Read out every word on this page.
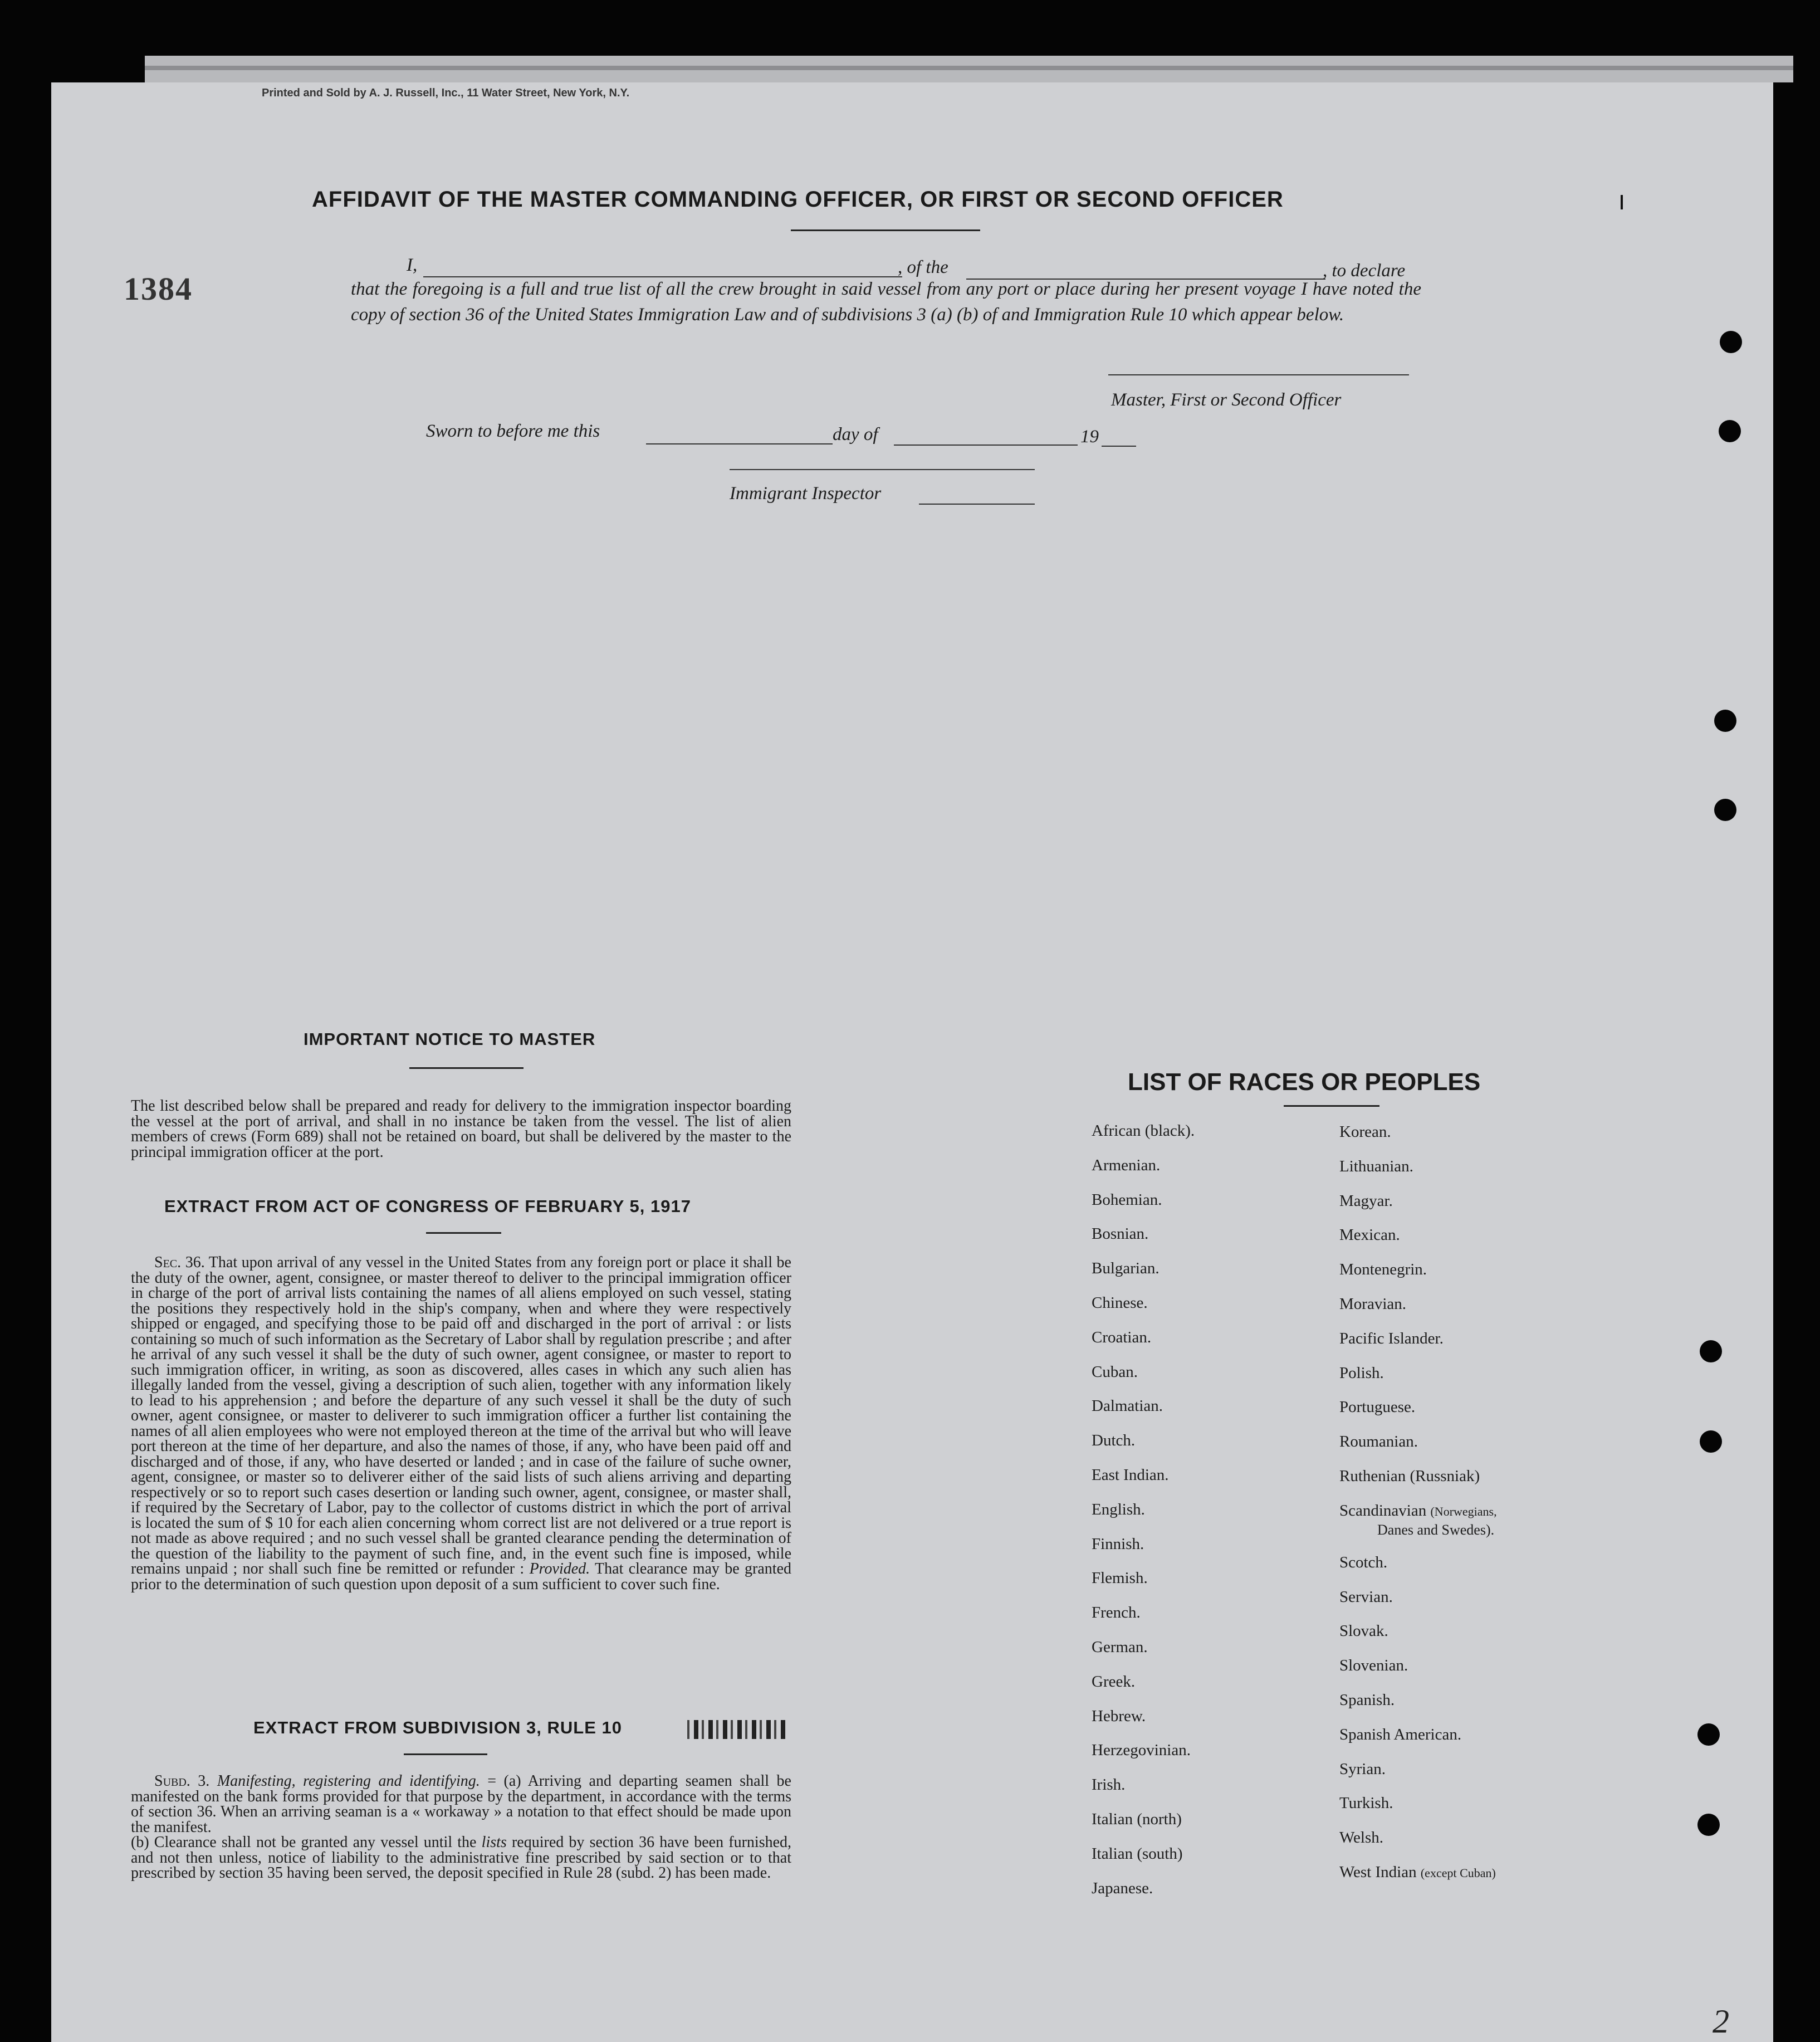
Printed and Sold by A. J. Russell, Inc., 11 Water Street, New York, N.Y.
1384
AFFIDAVIT OF THE MASTER COMMANDING OFFICER, OR FIRST OR SECOND OFFICER
I,	, of the	, to declare
that the foregoing is a full and true list of all the crew brought in said vessel from any port or place during her present voyage I have noted the copy of section 36 of the United States Immigration Law and of subdivisions 3 (a) (b) of and Immigration Rule 10 which appear below.
Master, First or Second Officer
Sworn to before me this	day of	19
Immigrant Inspector
IMPORTANT NOTICE TO MASTER
The list described below shall be prepared and ready for delivery to the immigration inspector boarding the vessel at the port of arrival, and shall in no instance be taken from the vessel. The list of alien members of crews (Form 689) shall not be retained on board, but shall be delivered by the master to the principal immigration officer at the port.
EXTRACT FROM ACT OF CONGRESS OF FEBRUARY 5, 1917
Sec. 36. That upon arrival of any vessel in the United States from any foreign port or place it shall be the duty of the owner, agent, consignee, or master thereof to deliver to the principal immigration officer in charge of the port of arrival lists containing the names of all aliens employed on such vessel, stating the positions they respectively hold in the ship's company, when and where they were respectively shipped or engaged, and specifying those to be paid off and discharged in the port of arrival : or lists containing so much of such information as the Secretary of Labor shall by regulation prescribe ; and after he arrival of any such vessel it shall be the duty of such owner, agent consignee, or master to report to such immigration officer, in writing, as soon as discovered, alles cases in which any such alien has illegally landed from the vessel, giving a description of such alien, together with any information likely to lead to his apprehension ; and before the departure of any such vessel it shall be the duty of such owner, agent consignee, or master to deliverer to such immigration officer a further list containing the names of all alien employees who were not employed thereon at the time of the arrival but who will leave port thereon at the time of her departure, and also the names of those, if any, who have been paid off and discharged and of those, if any, who have deserted or landed ; and in case of the failure of suche owner, agent, consignee, or master so to deliverer either of the said lists of such aliens arriving and departing respectively or so to report such cases desertion or landing such owner, agent, consignee, or master shall, if required by the Secretary of Labor, pay to the collector of customs district in which the port of arrival is located the sum of $ 10 for each alien concerning whom correct list are not delivered or a true report is not made as above required ; and no such vessel shall be granted clearance pending the determination of the question of the liability to the payment of such fine, and, in the event such fine is imposed, while remains unpaid ; nor shall such fine be remitted or refunder : Provided. That clearance may be granted prior to the determination of such question upon deposit of a sum sufficient to cover such fine.
EXTRACT FROM SUBDIVISION 3, RULE 10
Subd. 3. Manifesting, registering and identifying. = (a) Arriving and departing seamen shall be manifested on the bank forms provided for that purpose by the department, in accordance with the terms of section 36. When an arriving seaman is a « workaway » a notation to that effect should be made upon the manifest.
(b) Clearance shall not be granted any vessel until the lists required by section 36 have been furnished, and not then unless, notice of liability to the administrative fine prescribed by said section or to that prescribed by section 35 having been served, the deposit specified in Rule 28 (subd. 2) has been made.
LIST OF RACES OR PEOPLES
African (black).
Armenian.
Bohemian.
Bosnian.
Bulgarian.
Chinese.
Croatian.
Cuban.
Dalmatian.
Dutch.
East Indian.
English.
Finnish.
Flemish.
French.
German.
Greek.
Hebrew.
Herzegovinian.
Irish.
Italian (north)
Italian (south)
Japanese.
Korean.
Lithuanian.
Magyar.
Mexican.
Montenegrin.
Moravian.
Pacific Islander.
Polish.
Portuguese.
Roumanian.
Ruthenian (Russniak)
Scandinavian (Norwegians,
Danes and Swedes).
Scotch.
Servian.
Slovak.
Slovenian.
Spanish.
Spanish American.
Syrian.
Turkish.
Welsh.
West Indian (except Cuban)
2
